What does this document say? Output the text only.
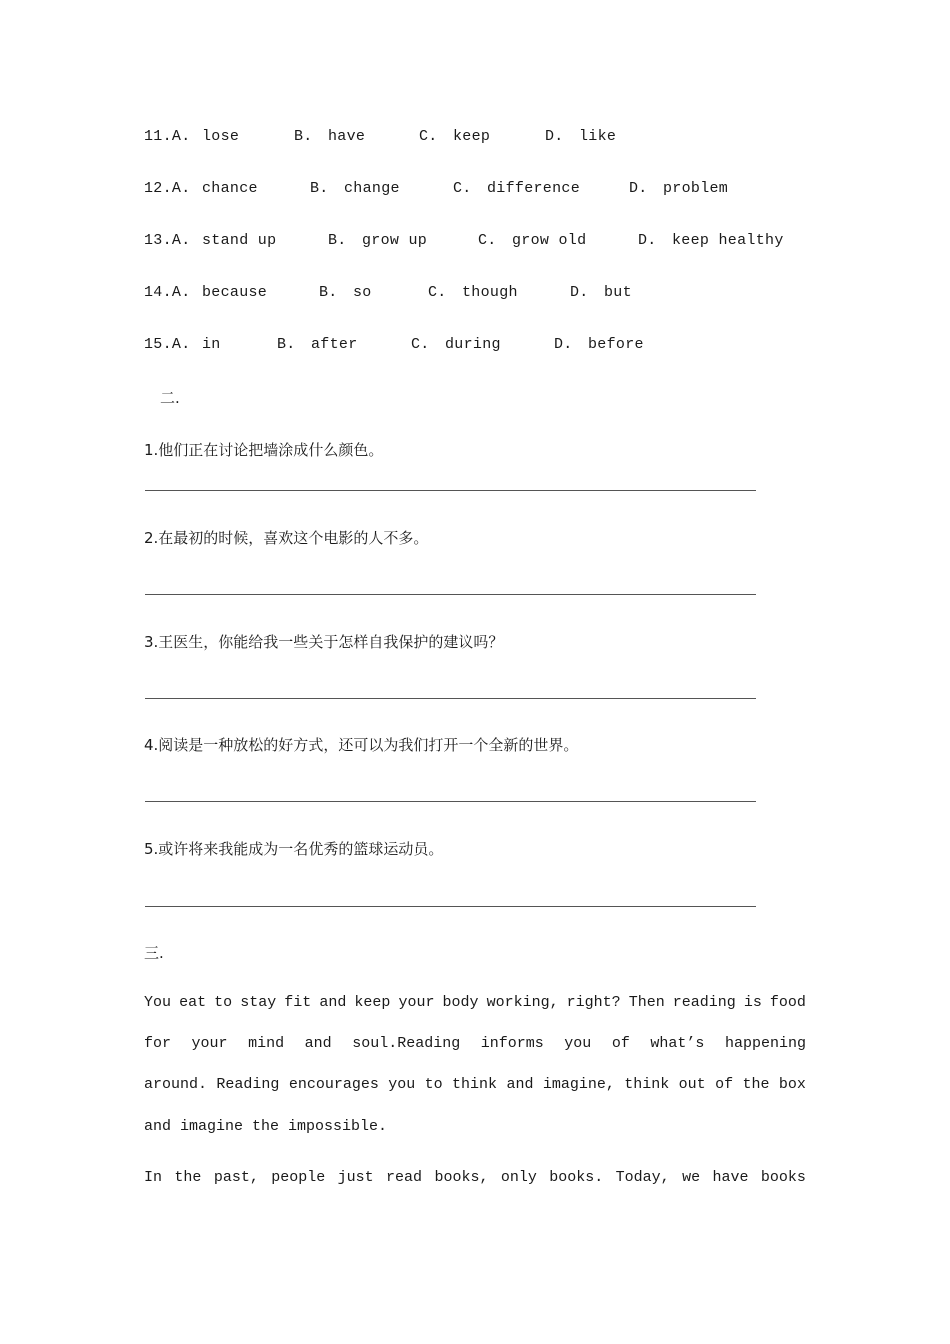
11.A. lose	B. have	C. keep	D. like
12.A. chance	B. change	C. difference	D. problem
13.A. stand up	B. grow up	C. grow old	D. keep healthy
14.A. because	B. so	C. though	D. but
15.A. in	B. after	C. during	D. before
二.
1.他们正在讨论把墙涂成什么颜色。
2.在最初的时候，喜欢这个电影的人不多。
3.王医生，你能给我一些关于怎样自我保护的建议吗？
4.阅读是一种放松的好方式，还可以为我们打开一个全新的世界。
5.或许将来我能成为一名优秀的篮球运动员。
三.
You eat to stay fit and keep your body working, right? Then reading is food
for your mind and soul.Reading informs you of what’s happening
around. Reading encourages you to think and imagine, think out of the box
and imagine the impossible.
In the past, people just read books, only books. Today, we have books
